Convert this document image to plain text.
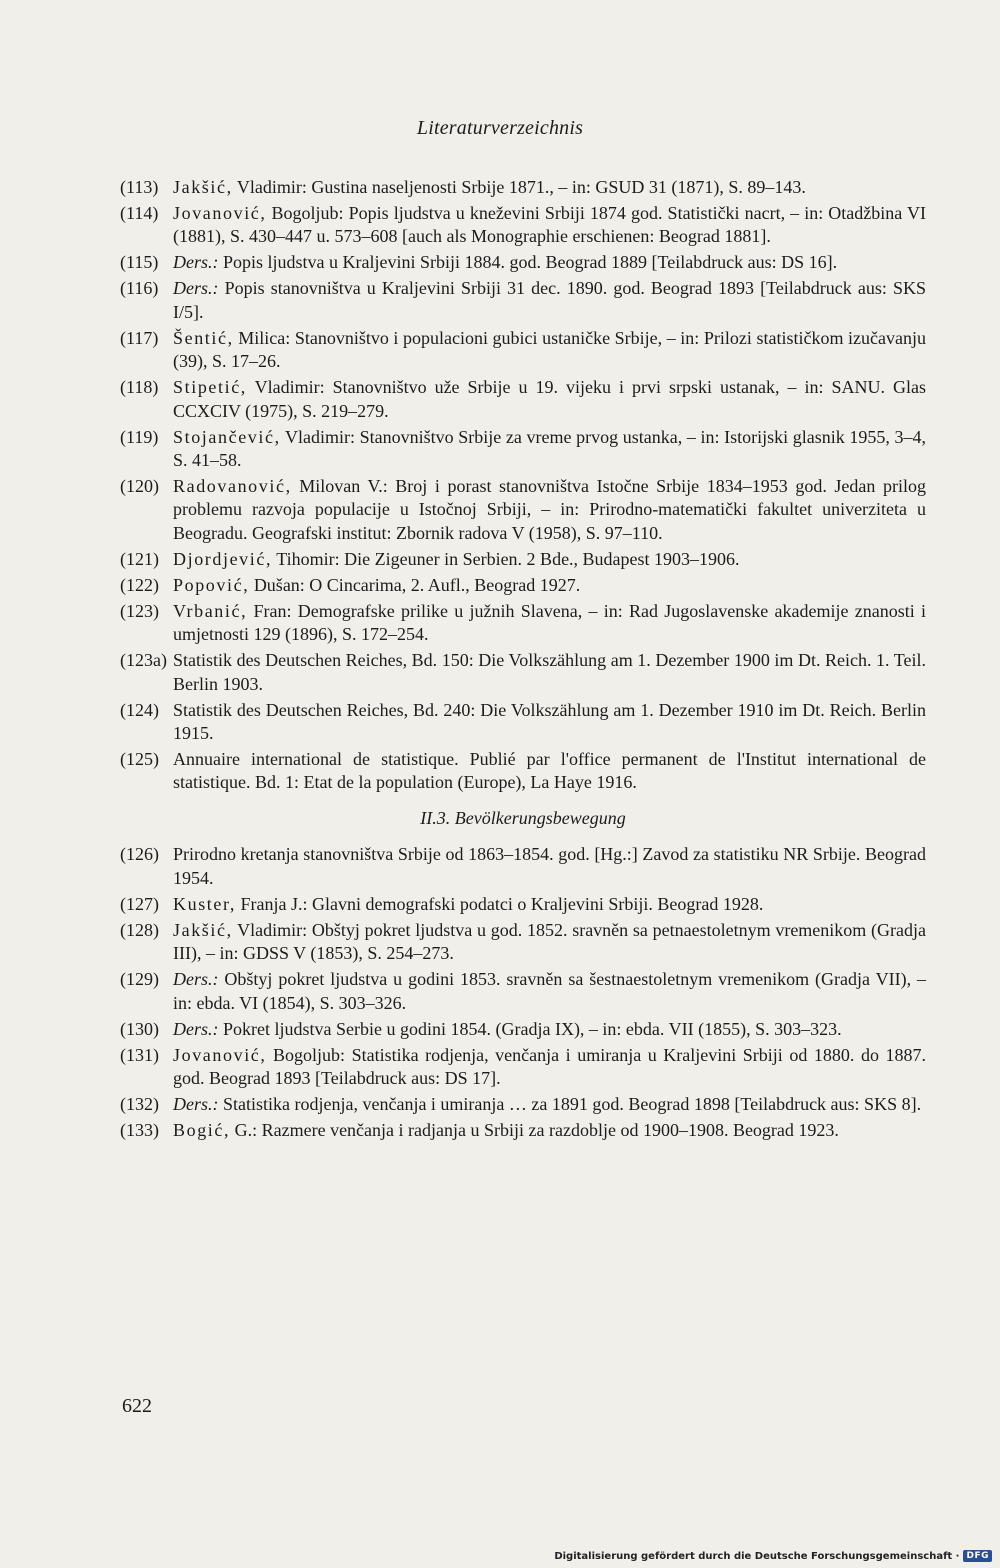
Literaturverzeichnis
(113) Jakšić, Vladimir: Gustina naseljenosti Srbije 1871., – in: GSUD 31 (1871), S. 89–143.
(114) Jovanović, Bogoljub: Popis ljudstva u kneževini Srbiji 1874 god. Statistički nacrt, – in: Otadžbina VI (1881), S. 430–447 u. 573–608 [auch als Monographie erschienen: Beograd 1881].
(115) Ders.: Popis ljudstva u Kraljevini Srbiji 1884. god. Beograd 1889 [Teilabdruck aus: DS 16].
(116) Ders.: Popis stanovništva u Kraljevini Srbiji 31 dec. 1890. god. Beograd 1893 [Teilabdruck aus: SKS I/5].
(117) Šentić, Milica: Stanovništvo i populacioni gubici ustaničke Srbije, – in: Prilozi statističkom izučavanju (39), S. 17–26.
(118) Stipetić, Vladimir: Stanovništvo uže Srbije u 19. vijeku i prvi srpski ustanak, – in: SANU. Glas CCXCIV (1975), S. 219–279.
(119) Stojančević, Vladimir: Stanovništvo Srbije za vreme prvog ustanka, – in: Istorijski glasnik 1955, 3–4, S. 41–58.
(120) Radovanović, Milovan V.: Broj i porast stanovništva Istočne Srbije 1834–1953 god. Jedan prilog problemu razvoja populacije u Istočnoj Srbiji, – in: Prirodno-matematički fakultet univerziteta u Beogradu. Geografski institut: Zbornik radova V (1958), S. 97–110.
(121) Djordjević, Tihomir: Die Zigeuner in Serbien. 2 Bde., Budapest 1903–1906.
(122) Popović, Dušan: O Cincarima, 2. Aufl., Beograd 1927.
(123) Vrbanić, Fran: Demografske prilike u južnih Slavena, – in: Rad Jugoslavenske akademije znanosti i umjetnosti 129 (1896), S. 172–254.
(123a) Statistik des Deutschen Reiches, Bd. 150: Die Volkszählung am 1. Dezember 1900 im Dt. Reich. 1. Teil. Berlin 1903.
(124) Statistik des Deutschen Reiches, Bd. 240: Die Volkszählung am 1. Dezember 1910 im Dt. Reich. Berlin 1915.
(125) Annuaire international de statistique. Publié par l'office permanent de l'Institut international de statistique. Bd. 1: Etat de la population (Europe), La Haye 1916.
II.3. Bevölkerungsbewegung
(126) Prirodno kretanja stanovništva Srbije od 1863–1854. god. [Hg.:] Zavod za statistiku NR Srbije. Beograd 1954.
(127) Kuster, Franja J.: Glavni demografski podatci o Kraljevini Srbiji. Beograd 1928.
(128) Jakšić, Vladimir: Obštyj pokret ljudstva u god. 1852. sravněn sa petnaestoletnym vremenikom (Gradja III), – in: GDSS V (1853), S. 254–273.
(129) Ders.: Obštyj pokret ljudstva u godini 1853. sravněn sa šestnaestoletnym vremenikom (Gradja VII), – in: ebda. VI (1854), S. 303–326.
(130) Ders.: Pokret ljudstva Serbie u godini 1854. (Gradja IX), – in: ebda. VII (1855), S. 303–323.
(131) Jovanović, Bogoljub: Statistika rodjenja, venčanja i umiranja u Kraljevini Srbiji od 1880. do 1887. god. Beograd 1893 [Teilabdruck aus: DS 17].
(132) Ders.: Statistika rodjenja, venčanja i umiranja … za 1891 god. Beograd 1898 [Teilabdruck aus: SKS 8].
(133) Bogić, G.: Razmere venčanja i radjanja u Srbiji za razdoblje od 1900–1908. Beograd 1923.
622
Digitalisierung gefördert durch die Deutsche Forschungsgemeinschaft · DFG
